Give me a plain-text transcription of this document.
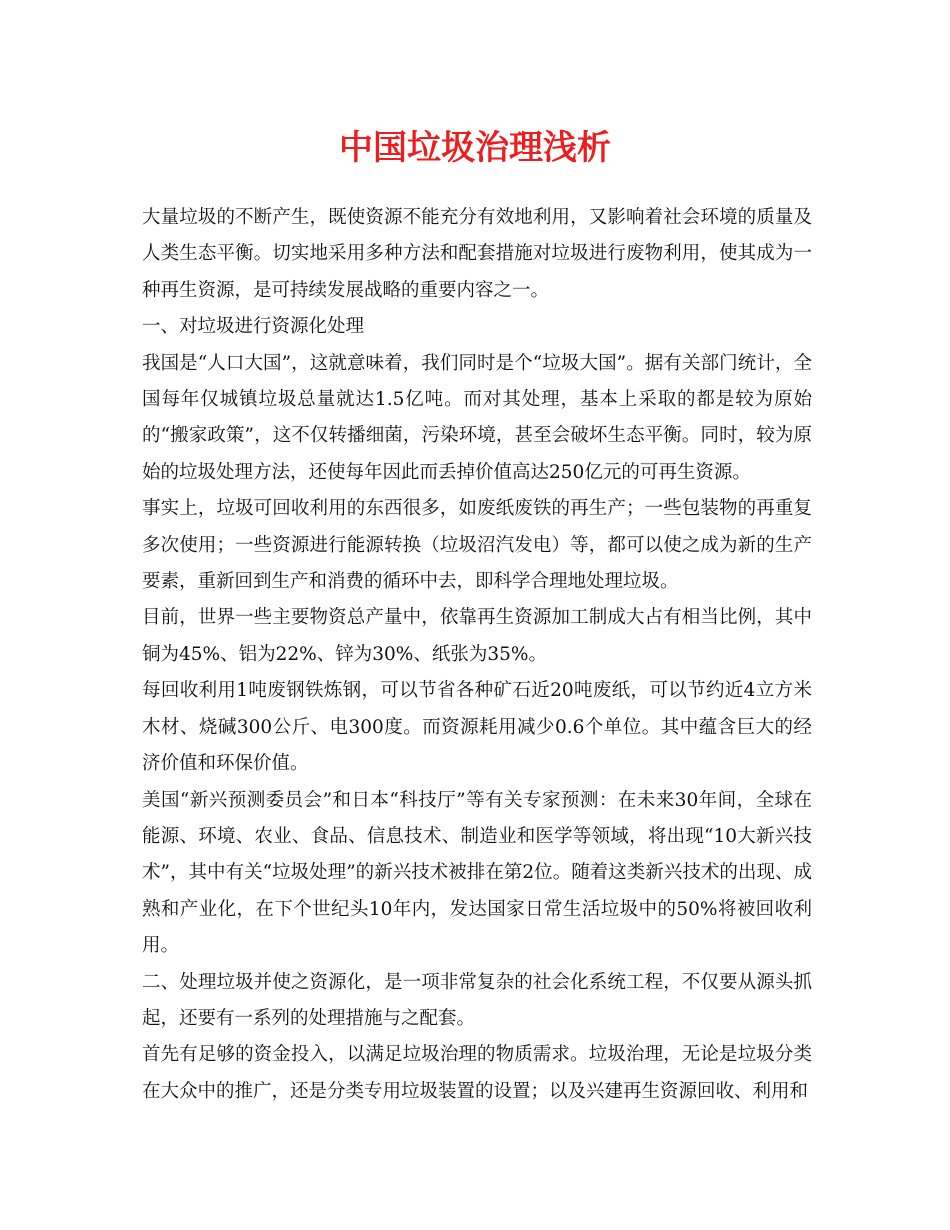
中国垃圾治理浅析

大量垃圾的不断产生，既使资源不能充分有效地利用，又影响着社会环境的质量及人类生态平衡。切实地采用多种方法和配套措施对垃圾进行废物利用，使其成为一种再生资源，是可持续发展战略的重要内容之一。

一、对垃圾进行资源化处理

我国是“人口大国”，这就意味着，我们同时是个“垃圾大国”。据有关部门统计，全国每年仅城镇垃圾总量就达1.5亿吨。而对其处理，基本上采取的都是较为原始的“搬家政策”，这不仅转播细菌，污染环境，甚至会破坏生态平衡。同时，较为原始的垃圾处理方法，还使每年因此而丢掉价值高达250亿元的可再生资源。

事实上，垃圾可回收利用的东西很多，如废纸废铁的再生产；一些包装物的再重复多次使用；一些资源进行能源转换（垃圾沼汽发电）等，都可以使之成为新的生产要素，重新回到生产和消费的循环中去，即科学合理地处理垃圾。

目前，世界一些主要物资总产量中，依靠再生资源加工制成大占有相当比例，其中铜为45%、铝为22%、锌为30%、纸张为35%。

每回收利用1吨废钢铁炼钢，可以节省各种矿石近20吨废纸，可以节约近4立方米木材、烧碱300公斤、电300度。而资源耗用减少0.6个单位。其中蕴含巨大的经济价值和环保价值。

美国“新兴预测委员会”和日本“科技厅”等有关专家预测：在未来30年间，全球在能源、环境、农业、食品、信息技术、制造业和医学等领域，将出现“10大新兴技术”，其中有关“垃圾处理”的新兴技术被排在第2位。随着这类新兴技术的出现、成熟和产业化，在下个世纪头10年内，发达国家日常生活垃圾中的50%将被回收利用。

二、处理垃圾并使之资源化，是一项非常复杂的社会化系统工程，不仅要从源头抓起，还要有一系列的处理措施与之配套。

首先有足够的资金投入，以满足垃圾治理的物质需求。垃圾治理，无论是垃圾分类在大众中的推广，还是分类专用垃圾装置的设置；以及兴建再生资源回收、利用和
